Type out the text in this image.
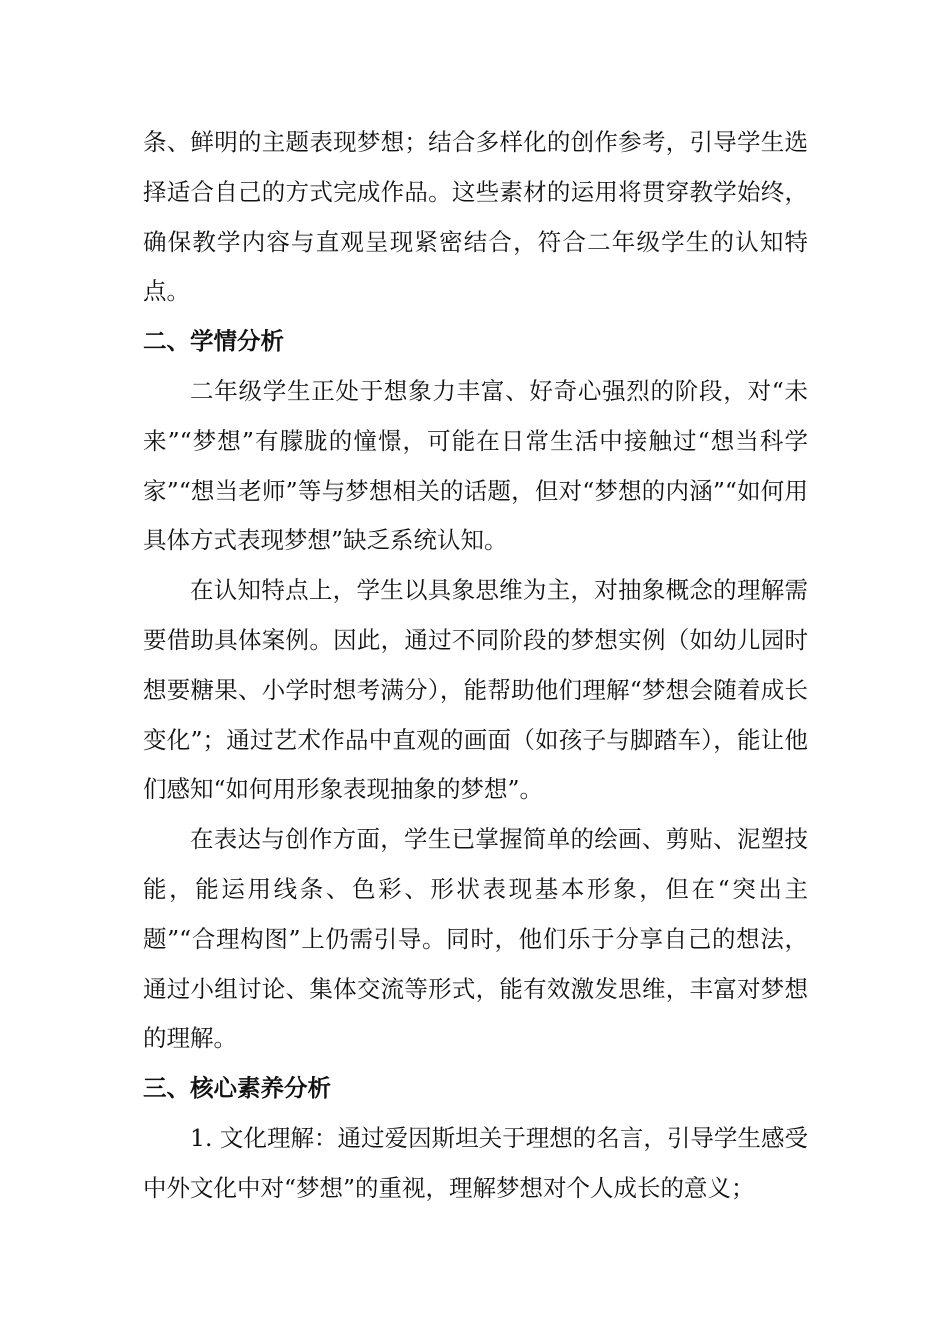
条、鲜明的主题表现梦想；结合多样化的创作参考，引导学生选择适合自己的方式完成作品。这些素材的运用将贯穿教学始终，确保教学内容与直观呈现紧密结合，符合二年级学生的认知特点。

二、学情分析

二年级学生正处于想象力丰富、好奇心强烈的阶段，对“未来”“梦想”有朦胧的憧憬，可能在日常生活中接触过“想当科学家”“想当老师”等与梦想相关的话题，但对“梦想的内涵”“如何用具体方式表现梦想”缺乏系统认知。

在认知特点上，学生以具象思维为主，对抽象概念的理解需要借助具体案例。因此，通过不同阶段的梦想实例（如幼儿园时想要糖果、小学时想考满分），能帮助他们理解“梦想会随着成长变化”；通过艺术作品中直观的画面（如孩子与脚踏车），能让他们感知“如何用形象表现抽象的梦想”。

在表达与创作方面，学生已掌握简单的绘画、剪贴、泥塑技能，能运用线条、色彩、形状表现基本形象，但在“突出主题”“合理构图”上仍需引导。同时，他们乐于分享自己的想法，通过小组讨论、集体交流等形式，能有效激发思维，丰富对梦想的理解。

三、核心素养分析

1. 文化理解：通过爱因斯坦关于理想的名言，引导学生感受中外文化中对“梦想”的重视，理解梦想对个人成长的意义；
